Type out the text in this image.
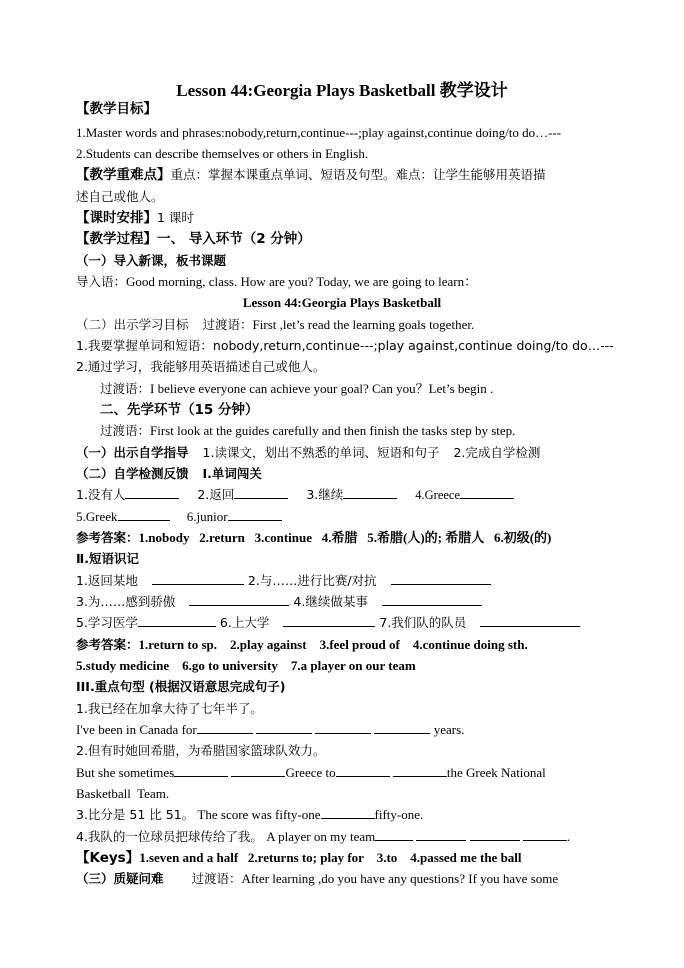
Lesson 44:Georgia Plays Basketball 教学设计
【教学目标】
1.Master words and phrases:nobody,return,continue---;play against,continue doing/to do…---
2.Students can describe themselves or others in English.
【教学重难点】重点：掌握本课重点单词、短语及句型。难点：让学生能够用英语描
述自己或他人。
【课时安排】1 课时
【教学过程】一、 导入环节（2 分钟）
（一）导入新课，板书课题
导入语：Good morning, class. How are you? Today, we are going to learn：
Lesson 44:Georgia Plays Basketball
（二）出示学习目标 过渡语：First ,let’s read the learning goals together.
1.我要掌握单词和短语：nobody,return,continue---;play against,continue doing/to do…---
2.通过学习，我能够用英语描述自己或他人。
过渡语：I believe everyone can achieve your goal? Can you？Let’s begin .
二、先学环节（15 分钟）
过渡语：First look at the guides carefully and then finish the tasks step by step.
（一）出示自学指导 1.读课文，划出不熟悉的单词、短语和句子 2.完成自学检测
（二）自学检测反馈 Ⅰ.单词闯关
1.没有人	2.返回	3.继续	4.Greece
5.Greek	6.junior
参考答案：1.nobody   2.return   3.continue   4.希腊   5.希腊(人)的; 希腊人   6.初级(的)
Ⅱ.短语识记
1.返回某地	2.与……进行比赛/对抗
3.为……感到骄傲	4.继续做某事
5.学习医学	6.上大学	7.我们队的队员
参考答案：1.return to sp.    2.play against    3.feel proud of    4.continue doing sth.
5.study medicine    6.go to university    7.a player on our team
III.重点句型 (根据汉语意思完成句子)
1.我已经在加拿大待了七年半了。
I've been in Canada for	years.
2.但有时她回希腊，为希腊国家篮球队效力。
But she sometimes	Greece to	the Greek National
Basketball  Team.
3.比分是 51 比 51。 The score was fifty-one	fifty-one.
4.我队的一位球员把球传给了我。 A player on my team	.
【Keys】1.seven and a half   2.returns to; play for    3.to    4.passed me the ball
（三）质疑问难 过渡语：After learning ,do you have any questions? If you have some
